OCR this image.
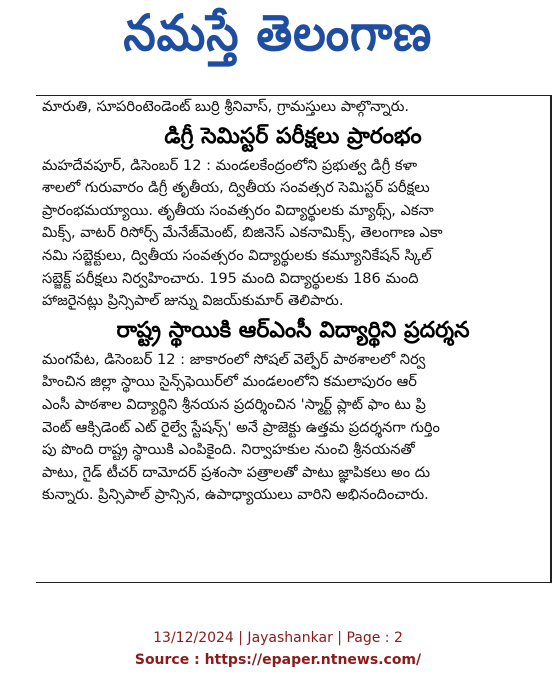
నమస్తే తెలంగాణ
మారుతి, సూపరింటెండెంట్ బుర్రి శ్రీనివాస్, గ్రామస్తులు పాల్గొన్నారు.
డిగ్రీ సెమిస్టర్ పరీక్షలు ప్రారంభం
మహదేవపూర్, డిసెంబర్ 12 : మండలకేంద్రంలోని ప్రభుత్వ డిగ్రీ కళా
శాలలో గురువారం డిగ్రీ తృతీయ, ద్వితీయ సంవత్సర సెమిస్టర్ పరీక్షలు
ప్రారంభమయ్యాయి. తృతీయ సంవత్సరం విద్యార్థులకు మ్యాథ్స్, ఎకనా
మిక్స్, వాటర్ రిసోర్స్ మేనేజ్‌మెంట్, బిజినెస్ ఎకనామిక్స్, తెలంగాణ ఎకా
నమి సబ్జెక్టులు, ద్వితీయ సంవత్సరం విద్యార్థులకు కమ్యూనికేషన్ స్కిల్
సబ్జెక్ట్ పరీక్షలు నిర్వహించారు. 195 మంది విద్యార్థులకు 186 మంది
హాజరైనట్లు ప్రిన్సిపాల్ జున్ను విజయ్‌కుమార్ తెలిపారు.
రాష్ట్ర స్థాయికి ఆర్ఎంసీ విద్యార్థిని ప్రదర్శన
మంగపేట, డిసెంబర్ 12 : జాకారంలో సోషల్ వెల్ఫేర్ పాఠశాలలో నిర్వ
హించిన జిల్లా స్థాయి సైన్స్‌ఫెయిర్‌లో మండలంలోని కమలాపురం ఆర్
ఎంసీ పాఠశాల విద్యార్థిని శ్రీనయన ప్రదర్శించిన 'స్మార్ట్ ప్లాట్ ఫాం టు ప్రి
వెంట్ ఆక్సిడెంట్ ఎట్ రైల్వే స్టేషన్స్' అనే ప్రాజెక్టు ఉత్తమ ప్రదర్శనగా గుర్తిం
పు పొంది రాష్ట్ర స్థాయికి ఎంపికైంది. నిర్వాహకుల నుంచి శ్రీనయనతో
పాటు, గైడ్ టీచర్ దామోదర్ ప్రశంసా పత్రాలతో పాటు జ్ఞాపికలు అం దు
కున్నారు. ప్రిన్సిపాల్ ప్రాన్సిన, ఉపాధ్యాయులు వారిని అభినందించారు.
13/12/2024 | Jayashankar | Page : 2
Source : https://epaper.ntnews.com/
